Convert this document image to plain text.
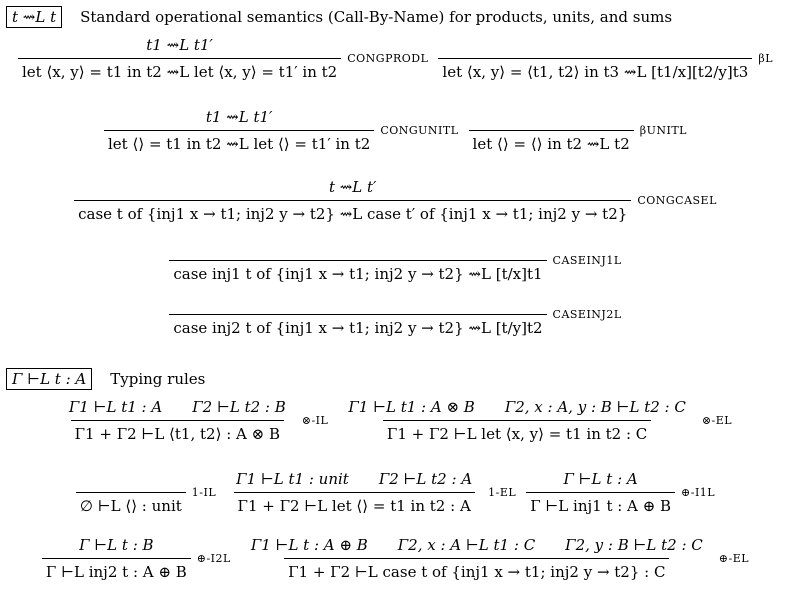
t ⇝L t	Standard operational semantics (Call-By-Name) for products, units, and sums
$\frac{\text{t1 ⇝L t1′}}{\text{let ⟨x, y⟩ = t1 in t2 ⇝L let ⟨x, y⟩ = t1′ in t2}}$ CONGPRODL

let ⟨x, y⟩ = ⟨t1, t2⟩ in t3 ⇝L [t1/x][t2/y]t3
βL
$\frac{\text{t1 ⇝L t1′}}{\text{let ⟨⟩ = t1 in t2 ⇝L let ⟨⟩ = t1′ in t2}}$ CONGUNITL

let ⟨⟩ = ⟨⟩ in t2 ⇝L t2
βUNITL
t ⇝L t′
case t of {inj1 x → t1; inj2 y → t2} ⇝L case t′ of {inj1 x → t1; inj2 y → t2}
CONGCASEL

case inj1 t of {inj1 x → t1; inj2 y → t2} ⇝L [t/x]t1
CASEINJ1L

case inj2 t of {inj1 x → t1; inj2 y → t2} ⇝L [t/y]t2
CASEINJ2L
Γ ⊢L t : A	Typing rules
$\frac{\text{Γ1 ⊢L t1 : A Γ2 ⊢L t2 : B}}{\Gamma 1 + \Gamma 2 ⊢L ⟨t1, t2⟩ : A \otimes B}$ ⊗-IL $\frac{\text{Γ1 ⊢L t1 : A ⊗ B Γ2, x : A, y : B ⊢L t2 : C}}{\text{Γ1 + Γ2 ⊢L let ⟨x, y⟩ = t1 in t2 : C}}$ ⊗-EL

∅ ⊢L ⟨⟩ : unit
$1-IL \frac{\text{Γ1 ⊢L t1 : unit Γ2 ⊢L t2 : A}}{\text{Γ1 + Γ2 ⊢L let ⟨⟩ = t1 in t2 : A}} 1-EL \frac{\text{Γ ⊢L t : A}}{\text{Γ ⊢L inj1 t : A ⊕ B}}$ ⊕-I1L
$\frac{\text{Γ ⊢L t : B}}{\text{Γ ⊢L inj2 t : A ⊕ B}}$ ⊕-I2L $\frac{\text{Γ1 ⊢L t : A ⊕ B Γ2, x : A ⊢L t1 : C Γ2, y : B ⊢L t2 : C}}{\text{Γ1 + Γ2 ⊢L case t of \{inj1 x → t1; inj2 y → t2\} : C}}$ ⊕-EL
